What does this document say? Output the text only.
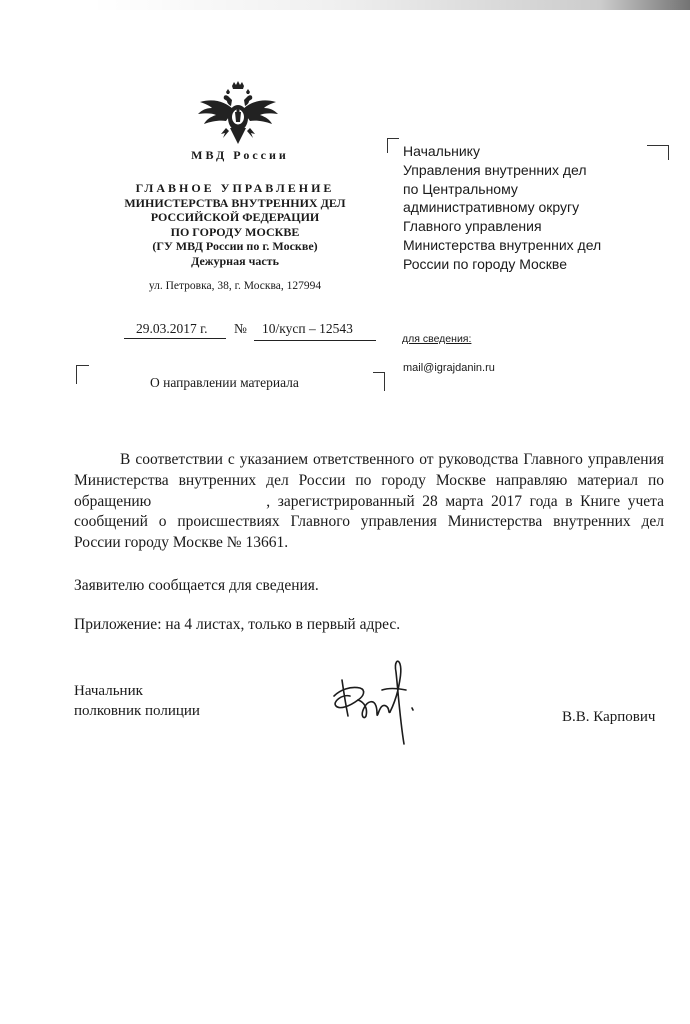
МВД России
ГЛАВНОЕ УПРАВЛЕНИЕ
МИНИСТЕРСТВА ВНУТРЕННИХ ДЕЛ
РОССИЙСКОЙ ФЕДЕРАЦИИ
ПО ГОРОДУ МОСКВЕ
(ГУ МВД России по г. Москве)
Дежурная часть
ул. Петровка, 38, г. Москва, 127994
29.03.2017 г.	№ 10/кусп – 12543
Начальнику
Управления внутренних дел
по Центральному
административному округу
Главного управления
Министерства внутренних дел
России по городу Москве
для сведения:
mail@igrajdanin.ru
О направлении материала

В соответствии с указанием ответственного от руководства Главного управления Министерства внутренних дел России по городу Москве направляю материал по обращению	, зарегистрированный 28 марта 2017 года в Книге учета сообщений о происшествиях Главного управления Министерства внутренних дел России городу Москве № 13661.

Заявителю сообщается для сведения.

Приложение: на 4 листах, только в первый адрес.

Начальник
полковник полиции	В.В. Карпович
